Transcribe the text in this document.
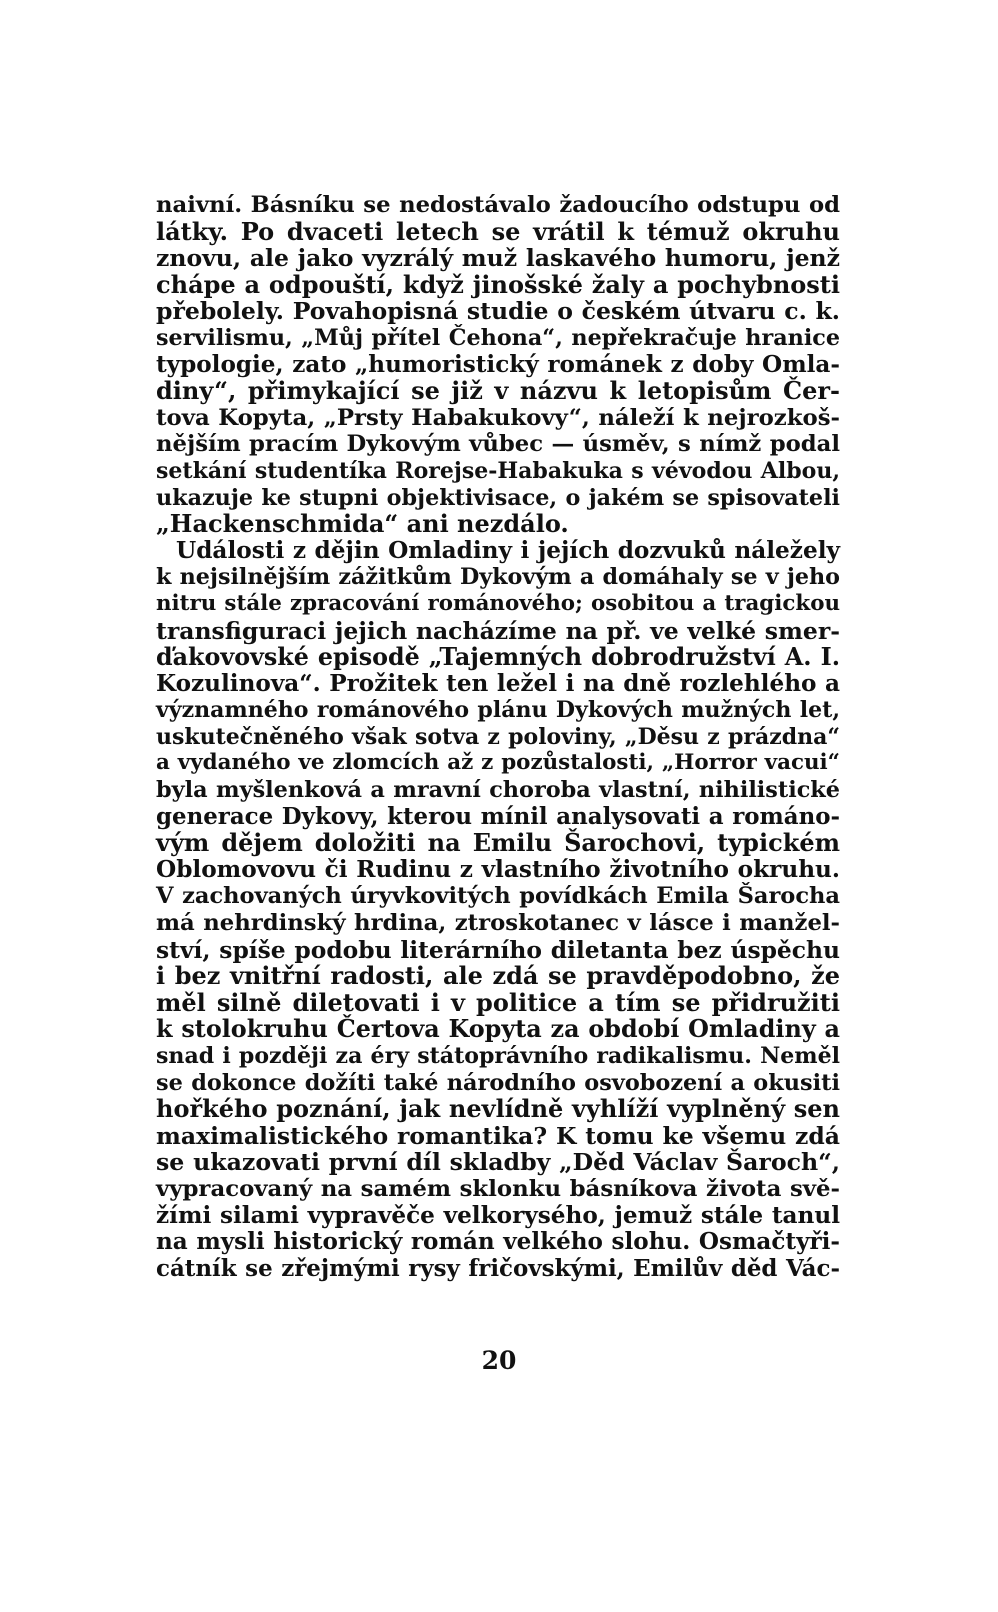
naivní. Básníku se nedostávalo žadoucího odstupu od
látky. Po dvaceti letech se vrátil k témuž okruhu
znovu, ale jako vyzrálý muž laskavého humoru, jenž
chápe a odpouští, když jinošské žaly a pochybnosti
přebolely. Povahopisná studie o českém útvaru c. k.
servilismu, „Můj přítel Čehona“, nepřekračuje hranice
typologie, zato „humoristický románek z doby Omla-
diny“, přimykající se již v názvu k letopisům Čer-
tova Kopyta, „Prsty Habakukovy“, náleží k nejrozkoš-
nějším pracím Dykovým vůbec — úsměv, s nímž podal
setkání studentíka Rorejse-Habakuka s vévodou Albou,
ukazuje ke stupni objektivisace, o jakém se spisovateli
„Hackenschmida“ ani nezdálo.
Události z dějin Omladiny i jejích dozvuků náležely
k nejsilnějším zážitkům Dykovým a domáhaly se v jeho
nitru stále zpracování románového; osobitou a tragickou
transfiguraci jejich nacházíme na př. ve velké smer-
ďakovovské episodě „Tajemných dobrodružství A. I.
Kozulinova“. Prožitek ten ležel i na dně rozlehlého a
významného románového plánu Dykových mužných let,
uskutečněného však sotva z poloviny, „Děsu z prázdna“
a vydaného ve zlomcích až z pozůstalosti, „Horror vacui“
byla myšlenková a mravní choroba vlastní, nihilistické
generace Dykovy, kterou mínil analysovati a románo-
vým dějem doložiti na Emilu Šarochovi, typickém
Oblomovovu či Rudinu z vlastního životního okruhu.
V zachovaných úryvkovitých povídkách Emila Šarocha
má nehrdinský hrdina, ztroskotanec v lásce i manžel-
ství, spíše podobu literárního diletanta bez úspěchu
i bez vnitřní radosti, ale zdá se pravděpodobno, že
měl silně diletovati i v politice a tím se přidružiti
k stolokruhu Čertova Kopyta za období Omladiny a
snad i později za éry státoprávního radikalismu. Neměl
se dokonce dožíti také národního osvobození a okusiti
hořkého poznání, jak nevlídně vyhlíží vyplněný sen
maximalistického romantika? K tomu ke všemu zdá
se ukazovati první díl skladby „Děd Václav Šaroch“,
vypracovaný na samém sklonku básníkova života svě-
žími silami vypravěče velkorysého, jemuž stále tanul
na mysli historický román velkého slohu. Osmačtyři-
cátník se zřejmými rysy fričovskými, Emilův děd Vác-
20
